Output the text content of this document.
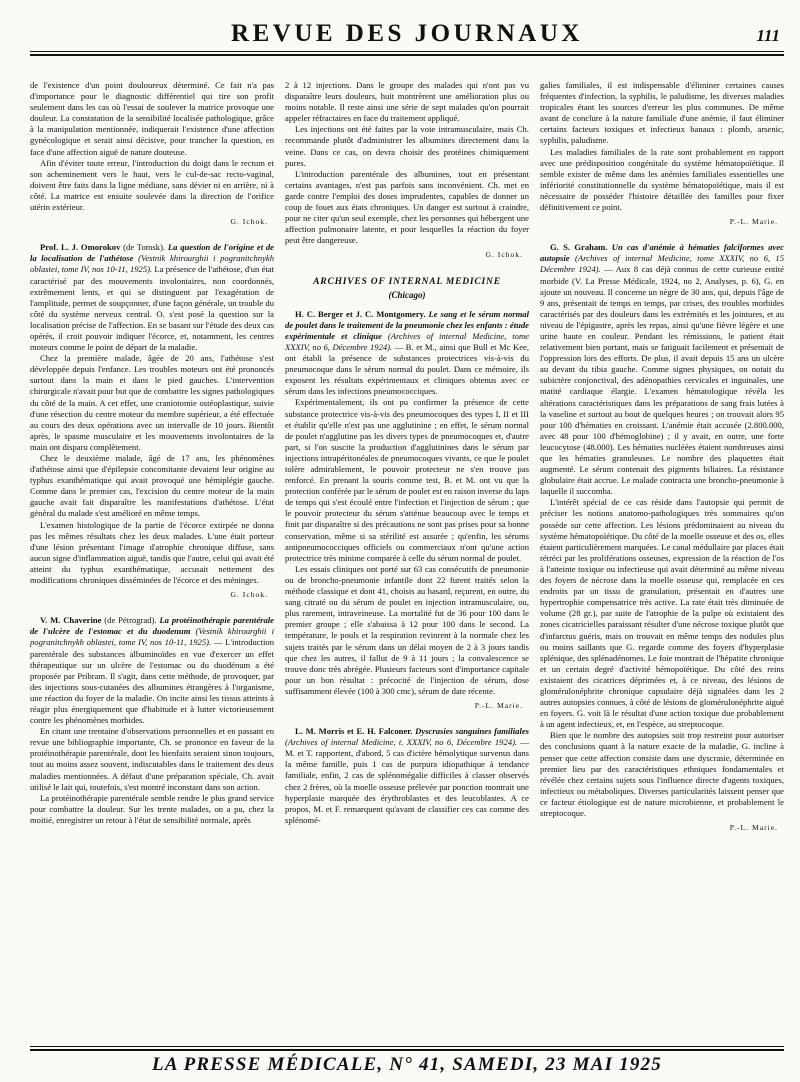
REVUE DES JOURNAUX	111

de l'existence d'un point douloureux déterminé. Ce fait n'a pas d'importance pour le diagnostic différentiel qui tire son profit seulement dans les cas où l'essai de soulever la matrice provoque une douleur. La constatation de la sensibilité localisée pathologique, grâce à la manipulation mentionnée, indiquerait l'existence d'une affection gynécologique et serait ainsi décisive, pour trancher la question, en face d'une affection aiguë de nature douteuse.

Afin d'éviter toute erreur, l'introduction du doigt dans le rectum et son acheminement vers le haut, vers le cul-de-sac recto-vaginal, doivent être faits dans la ligne médiane, sans dévier ni en arrière, ni à côté. La matrice est ensuite soulevée dans la direction de l'orifice utérin extérieur.

G. Ichok.

Prof. L. J. Omorokov (de Tomsk). La question de l'origine et de la localisation de l'athétose (Vestnik khirourghii i pogranitchnykh oblastei, tome IV, nos 10-11, 1925). La présence de l'athétose, d'un état caractérisé par des mouvements involontaires, non coordonnés, extrêmement lents, et qui se distinguent par l'exagération de l'amplitude, permet de soupçonner, d'une façon générale, un trouble du côté du système nerveux central. O. s'est posé la question sur la localisation précise de l'affection. En se basant sur l'étude des deux cas opérés, il croit pouvoir indiquer l'écorce, et, notamment, les centres moteurs comme le point de départ de la maladie.

Chez la première malade, âgée de 20 ans, l'athétose s'est développée depuis l'enfance. Les troubles moteurs ont été prononcés surtout dans la main et dans le pied gauches. L'intervention chirurgicale n'avait pour but que de combattre les signes pathologiques du côté de la main. A cet effet, une craniotomie ostéoplastique, suivie d'une résection du centre moteur du membre supérieur, a été effectuée au cours des deux opérations avec un intervalle de 10 jours. Bientôt après, le spasme musculaire et les mouvements involontaires de la main ont disparu complètement.

Chez le deuxième malade, âgé de 17 ans, les phénomènes d'athétose ainsi que d'épilepsie concomitante devaient leur origine au typhus exanthématique qui avait provoqué une hémiplégie gauche. Comme dans le premier cas, l'excision du centre moteur de la main gauche avait fait disparaître les manifestations d'athétose. L'état général du malade s'est amélioré en même temps.

L'examen histologique de la partie de l'écorce extirpée ne donna pas les mêmes résultats chez les deux malades. L'une était porteur d'une lésion présentant l'image d'atrophie chronique diffuse, sans aucun signe d'inflammation aiguë, tandis que l'autre, celui qui avait été atteint du typhus exanthématique, accusait nettement des modifications chroniques disséminées de l'écorce et des méninges.

G. Ichok.

V. M. Chaverine (de Pétrograd). La protéinothérapie parentérale de l'ulcère de l'estomac et du duodenum (Vestnik khirourghii i pogranitchnykh oblastei, tome IV, nos 10-11, 1925). — L'introduction parentérale des substances albuminoïdes en vue d'exercer un effet thérapeutique sur un ulcère de l'estomac ou du duodénum a été proposée par Pribram. Il s'agit, dans cette méthode, de provoquer, par des injections sous-cutanées des albumines étrangères à l'organisme, une réaction du foyer de la maladie. On incite ainsi les tissus atteints à réagir plus énergiquement que d'habitude et à lutter victorieusement contre les phénomènes morbides.

En citant une trentaine d'observations personnelles et en passant en revue une bibliographie importante, Ch. se prononce en faveur de la protéinothérapie parentérale, dont les bienfaits seraient sinon toujours, tout au moins assez souvent, indiscutables dans le traitement des deux maladies mentionnées. A défaut d'une préparation spéciale, Ch. avait utilisé le lait qui, toutefois, s'est montré inconstant dans son action.

La protéinothérapie parentérale semble rendre le plus grand service pour combattre la douleur. Sur les trente malades, on a pu, chez la moitié, enregistrer un retour à l'état de sensibilité normale, après

2 à 12 injections. Dans le groupe des malades qui n'ont pas vu disparaître leurs douleurs, huit montrèrent une amélioration plus ou moins notable. Il reste ainsi une série de sept malades qu'on pourrait appeler réfractaires en face du traitement appliqué.

Les injections ont été faites par la voie intramusculaire, mais Ch. recommande plutôt d'administrer les albumines directement dans la veine. Dans ce cas, on devra choisir des protéines chimiquement pures.

L'introduction parentérale des albumines, tout en présentant certains avantages, n'est pas parfois sans inconvénient. Ch. met en garde contre l'emploi des doses imprudentes, capables de donner un coup de fouet aux états chroniques. Un danger est surtout à craindre, pour ne citer qu'un seul exemple, chez les personnes qui hébergent une affection pulmonaire latente, et pour lesquelles la réaction du foyer peut être dangereuse.

G. Ichok.
ARCHIVES OF INTERNAL MEDICINE
(Chicago)

H. C. Berger et J. C. Montgomery. Le sang et le sérum normal de poulet dans le traitement de la pneumonie chez les enfants : étude expérimentale et clinique (Archives of internal Medicine, tome XXXIV, no 6, Décembre 1924). — B. et M., ainsi que Bull et Mc Kee, ont établi la présence de substances protectrices vis-à-vis du pneumocoque dans le sérum normal du poulet. Dans ce mémoire, ils exposent les résultats expérimentaux et cliniques obtenus avec ce sérum dans les infections pneumococciques.

Expérimentalement, ils ont pu confirmer la présence de cette substance protectrice vis-à-vis des pneumocoques des types I, II et III et établir qu'elle n'est pas une agglutinine ; en effet, le sérum normal de poulet n'agglutine pas les divers types de pneumocoques et, d'autre part, si l'on suscite la production d'agglutinines dans le sérum par injections intrapéritonéales de pneumocoques vivants, ce que le poulet tolère admirablement, le pouvoir protecteur ne s'en trouve pas renforcé. En prenant la souris comme test, B. et M. ont vu que la protection conférée par le sérum de poulet est en raison inverse du laps de temps qui s'est écoulé entre l'infection et l'injection de sérum ; que le pouvoir protecteur du sérum s'atténue beaucoup avec le temps et finit par disparaître si des précautions ne sont pas prises pour sa bonne conservation, même si sa stérilité est assurée ; qu'enfin, les sérums antipneumococciques officiels ou commerciaux n'ont qu'une action protectrice très minime comparée à celle du sérum normal de poulet.

Les essais cliniques ont porté sur 63 cas consécutifs de pneumonie ou de broncho-pneumonie infantile dont 22 furent traités selon la méthode classique et dont 41, choisis au hasard, reçurent, en outre, du sang citraté ou du sérum de poulet en injection intramusculaire, ou, plus rarement, intraveineuse. La mortalité fut de 36 pour 100 dans le premier groupe ; elle s'abaissa à 12 pour 100 dans le second. La température, le pouls et la respiration revinrent à la normale chez les sujets traités par le sérum dans un délai moyen de 2 à 3 jours tandis que chez les autres, il fallut de 9 à 11 jours ; la convalescence se trouve donc très abrégée. Plusieurs facteurs sont d'importance capitale pour un bon résultat : précocité de l'injection de sérum, dose suffisamment élevée (100 à 300 cmc), sérum de date récente.

P.-L. Marie.

L. M. Morris et E. H. Falconer. Dyscrasies sanguines familiales (Archives of internal Medicine, t. XXXIV, no 6, Décembre 1924). — M. et T. rapportent, d'abord, 5 cas d'ictère hémolytique survenus dans la même famille, puis 1 cas de purpura idiopathique à tendance familiale, enfin, 2 cas de splénomégalie difficiles à classer observés chez 2 frères, où la moelle osseuse prélevée par ponction montrait une hyperplasie marquée des érythroblastes et des leucoblastes. A ce propos, M. et F. remarquent qu'avant de classifier ces cas comme des splénomé-

galies familiales, il est indispensable d'éliminer certaines causes fréquentes d'infection, la syphilis, le paludisme, les diverses maladies tropicales étant les sources d'erreur les plus communes. De même avant de conclure à la nature familiale d'une anémie, il faut éliminer certains facteurs toxiques et infectieux banaux : plomb, arsenic, syphilis, paludisme.

Les maladies familiales de la rate sont probablement en rapport avec une prédisposition congénitale du système hématopoïétique. Il semble exister de même dans les anémies familiales essentielles une infériorité constitutionnelle du système hématopoïétique, mais il est nécessaire de posséder l'histoire détaillée des familles pour fixer définitivement ce point.

P.-L. Marie.

G. S. Graham. Un cas d'anémie à hématies falciformes avec autopsie (Archives of internal Medicine, tome XXXIV, no 6, 15 Décembre 1924). — Aux 8 cas déjà connus de cette curieuse entité morbide (V. La Presse Médicale, 1924, no 2, Analyses, p. 6), G. en ajoute un nouveau. Il concerne un nègre de 30 ans, qui, depuis l'âge de 9 ans, présentait de temps en temps, par crises, des troubles morbides caractérisés par des douleurs dans les extrémités et les jointures, et au niveau de l'épigastre, après les repas, ainsi qu'une fièvre légère et une urine haute en couleur. Pendant les rémissions, le patient était relativement bien portant, mais se fatiguait facilement et présentait de l'oppression lors des efforts. De plus, il avait depuis 15 ans un ulcère au devant du tibia gauche. Comme signes physiques, on notait du subictère conjonctival, des adénopathies cervicales et inguinales, une matité cardiaque élargie. L'examen hématologique révéla les altérations caractéristiques dans les préparations de sang frais lutées à la vaseline et surtout au bout de quelques heures ; on trouvait alors 95 pour 100 d'hématies en croissant. L'anémie était accusée (2.800.000, avec 48 pour 100 d'hémoglobine) ; il y avait, en outre, une forte leucocytose (48.000). Les hématies nucléées étaient nombreuses ainsi que les hématies granuleuses. Le nombre des plaquettes était augmenté. Le sérum contenait des pigments biliaires. La résistance globulaire était accrue. Le malade contracta une broncho-pneumonie à laquelle il succomba.

L'intérêt spécial de ce cas réside dans l'autopsie qui permit de préciser les notions anatomo-pathologiques très sommaires qu'on possède sur cette affection. Les lésions prédominaient au niveau du système hématopoïétique. Du côté de la moelle osseuse et des os, elles étaient particulièrement marquées. Le canal médullaire par places était rétréci par les proliférations osseuses, expression de la réaction de l'os à l'atteinte toxique ou infectieuse qui avait déterminé au même niveau des foyers de nécrose dans la moelle osseuse qui, remplacée en ces endroits par un tissu de granulation, présentait en d'autres une hypertrophie compensatrice très active. La rate était très diminuée de volume (28 gr.), par suite de l'atrophie de la pulpe où existaient des zones cicatricielles paraissant résulter d'une nécrose toxique plutôt que d'infarctus guéris, mais on trouvait en même temps des nodules plus ou moins saillants que G. regarde comme des foyers d'hyperplasie splénique, des splénadénomes. Le foie montrait de l'hépatite chronique et un certain degré d'activité hémopoïétique. Du côté des reins existaient des cicatrices déprimées et, à ce niveau, des lésions de glomérulonéphrite chronique capsulaire déjà signalées dans les 2 autres autopsies connues, à côté de lésions de glomérulonéphrite aiguë en foyers. G. voit là le résultat d'une action toxique due probablement à un agent infectieux, et, en l'espèce, au streptocoque.

Bien que le nombre des autopsies soit trop restreint pour autoriser des conclusions quant à la nature exacte de la maladie, G. incline à penser que cette affection consiste dans une dyscrasie, déterminée en premier lieu par des caractéristiques ethniques fondamentales et révélée chez certains sujets sous l'influence directe d'agents toxiques, infectieux ou métaboliques. Diverses particularités laissent penser que ce facteur étiologique est de nature microbienne, et probablement le streptocoque.

P.-L. Marie.
LA PRESSE MÉDICALE, N° 41, SAMEDI, 23 MAI 1925
